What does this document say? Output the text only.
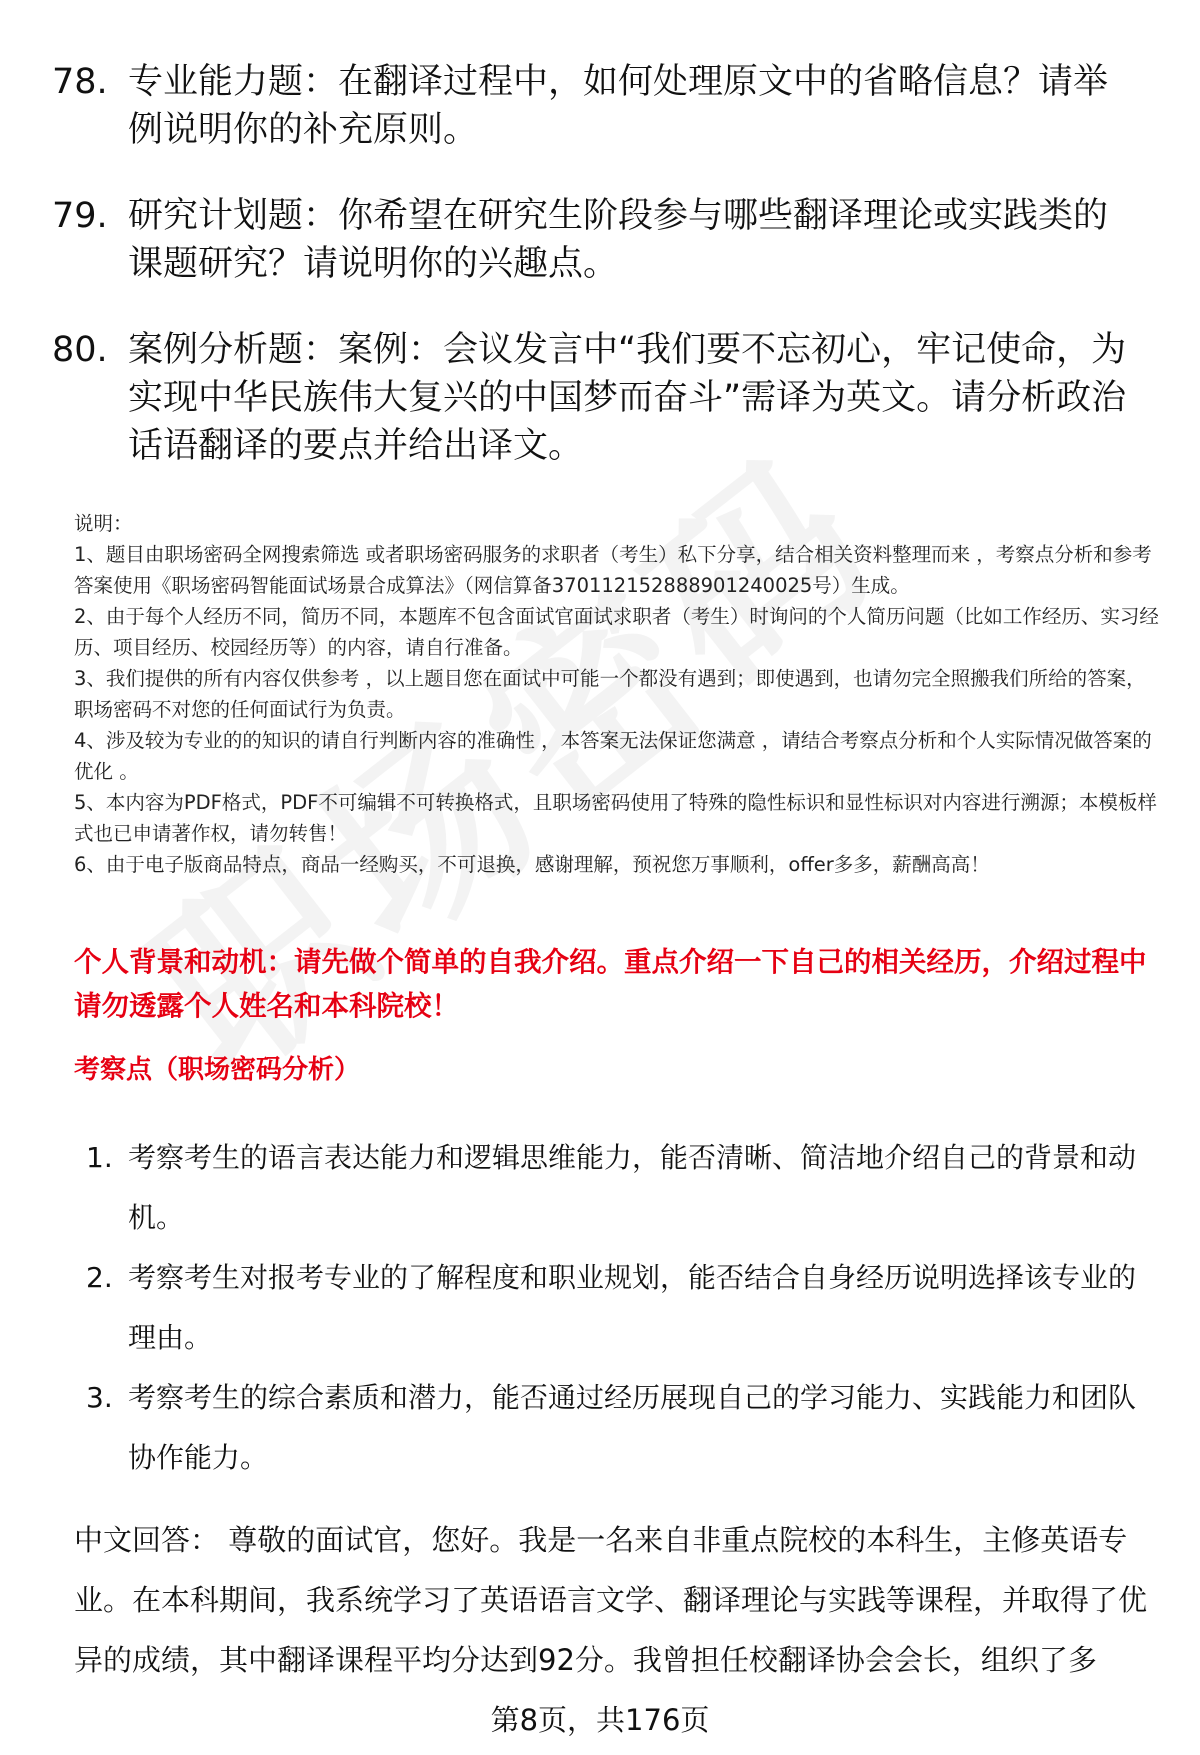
78. 专业能力题：在翻译过程中，如何处理原文中的省略信息？请举例说明你的补充原则。
79. 研究计划题：你希望在研究生阶段参与哪些翻译理论或实践类的课题研究？请说明你的兴趣点。
80. 案例分析题：案例：会议发言中“我们要不忘初心，牢记使命，为实现中华民族伟大复兴的中国梦而奋斗”需译为英文。请分析政治话语翻译的要点并给出译文。

说明：

1、题目由职场密码全网搜索筛选 或者职场密码服务的求职者（考生）私下分享，结合相关资料整理而来 ，考察点分析和参考答案使用《职场密码智能面试场景合成算法》（网信算备370112152888901240025号）生成。

2、由于每个人经历不同，简历不同，本题库不包含面试官面试求职者（考生）时询问的个人简历问题（比如工作经历、实习经历、项目经历、校园经历等）的内容，请自行准备。

3、我们提供的所有内容仅供参考 ，以上题目您在面试中可能一个都没有遇到；即使遇到，也请勿完全照搬我们所给的答案，职场密码不对您的任何面试行为负责。

4、涉及较为专业的的知识的请自行判断内容的准确性 ，本答案无法保证您满意 ，请结合考察点分析和个人实际情况做答案的优化 。

5、本内容为PDF格式，PDF不可编辑不可转换格式，且职场密码使用了特殊的隐性标识和显性标识对内容进行溯源；本模板样式也已申请著作权，请勿转售！

6、由于电子版商品特点，商品一经购买，不可退换，感谢理解，预祝您万事顺利，offer多多，薪酬高高！

个人背景和动机：请先做个简单的自我介绍。重点介绍一下自己的相关经历，介绍过程中请勿透露个人姓名和本科院校！
考察点（职场密码分析）
1. 考察考生的语言表达能力和逻辑思维能力，能否清晰、简洁地介绍自己的背景和动机。
2. 考察考生对报考专业的了解程度和职业规划，能否结合自身经历说明选择该专业的理由。
3. 考察考生的综合素质和潜力，能否通过经历展现自己的学习能力、实践能力和团队协作能力。
中文回答： 尊敬的面试官，您好。我是一名来自非重点院校的本科生，主修英语专业。在本科期间，我系统学习了英语语言文学、翻译理论与实践等课程，并取得了优异的成绩，其中翻译课程平均分达到92分。我曾担任校翻译协会会长，组织了多
第8页，共176页
